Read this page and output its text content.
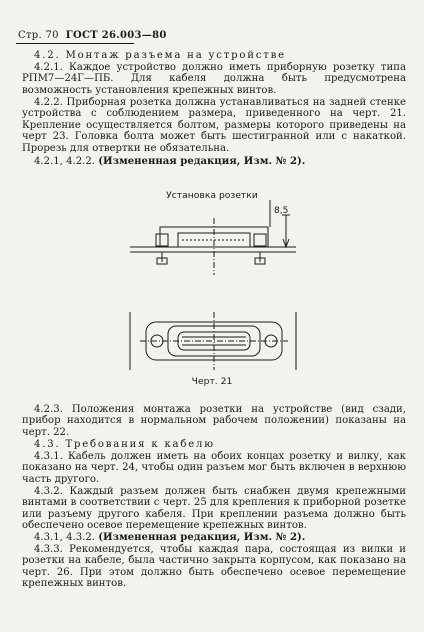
Стр. 70 ГОСТ 26.003—80
4.2. Монтаж разъема на устройстве
4.2.1. Каждое устройство должно иметь приборную розетку типа РПМ7—24Г—ПБ. Для кабеля должна быть предусмотрена возможность установления крепежных винтов.
4.2.2. Приборная розетка должна устанавливаться на задней стенке устройства с соблюдением размера, приведенного на черт. 21. Крепление осуществляется болтом, размеры которого приведены на черт 23. Головка болта может быть шестигранной или с накаткой. Прорезь для отвертки не обязательна.
4.2.1, 4.2.2. (Измененная редакция, Изм. № 2).
Установка розетки
8,5
Черт. 21
4.2.3. Положения монтажа розетки на устройстве (вид сзади, прибор находится в нормальном рабочем положении) показаны на черт. 22.
4.3. Требования к кабелю
4.3.1. Кабель должен иметь на обоих концах розетку и вилку, как показано на черт. 24, чтобы один разъем мог быть включен в верхнюю часть другого.
4.3.2. Каждый разъем должен быть снабжен двумя крепежными винтами в соответствии с черт. 25 для крепления к приборной розетке или разъему другого кабеля. При креплении разъема должно быть обеспечено осевое перемещение крепежных винтов.
4.3.1, 4.3.2. (Измененная редакция, Изм. № 2).
4.3.3. Рекомендуется, чтобы каждая пара, состоящая из вилки и розетки на кабеле, была частично закрыта корпусом, как показано на черт. 26. При этом должно быть обеспечено осевое перемещение крепежных винтов.
